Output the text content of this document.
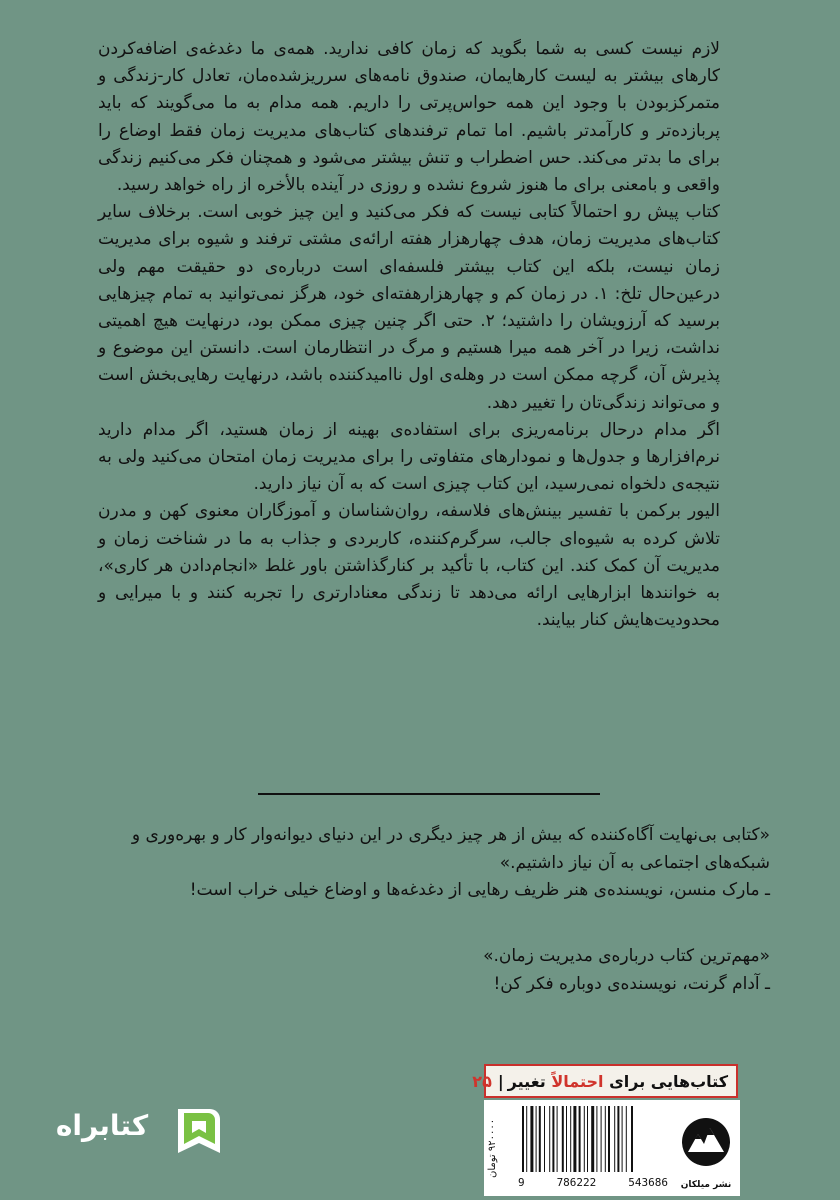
لازم نیست کسی به شما بگوید که زمان کافی ندارید. همه‌ی ما دغدغه‌ی اضافه‌کردن کارهای بیشتر به لیست کارهایمان، صندوق نامه‌های سرریزشده‌مان، تعادل کار-زندگی و متمرکزبودن با وجود این همه حواس‌پرتی را داریم. همه مدام به ما می‌گویند که باید پربازده‌تر و کارآمدتر باشیم. اما تمام ترفندهای کتاب‌های مدیریت زمان فقط اوضاع را برای ما بدتر می‌کند. حس اضطراب و تنش بیشتر می‌شود و همچنان فکر می‌کنیم زندگی واقعی و بامعنی برای ما هنوز شروع نشده و روزی در آینده بالأخره از راه خواهد رسید.

کتاب پیش رو احتمالاً کتابی نیست که فکر می‌کنید و این چیز خوبی است. برخلاف سایر کتاب‌های مدیریت زمان، هدف چهارهزار هفته ارائه‌ی مشتی ترفند و شیوه برای مدیریت زمان نیست، بلکه این کتاب بیشتر فلسفه‌ای است درباره‌ی دو حقیقت مهم ولی درعین‌حال تلخ: ۱. در زمان کم و چهارهزارهفته‌ای خود، هرگز نمی‌توانید به تمام چیزهایی برسید که آرزویشان را داشتید؛ ۲. حتی اگر چنین چیزی ممکن بود، درنهایت هیچ اهمیتی نداشت، زیرا در آخر همه میرا هستیم و مرگ در انتظارمان است. دانستن این موضوع و پذیرش آن، گرچه ممکن است در وهله‌ی اول ناامیدکننده باشد، درنهایت رهایی‌بخش است و می‌تواند زندگی‌تان را تغییر دهد.

اگر مدام درحال برنامه‌ریزی برای استفاده‌ی بهینه از زمان هستید، اگر مدام دارید نرم‌افزارها و جدول‌ها و نمودارهای متفاوتی را برای مدیریت زمان امتحان می‌کنید ولی به نتیجه‌ی دلخواه نمی‌رسید، این کتاب چیزی است که به آن نیاز دارید.

الیور برکمن با تفسیر بینش‌های فلاسفه، روان‌شناسان و آموزگاران معنوی کهن و مدرن تلاش کرده به شیوه‌ای جالب، سرگرم‌کننده، کاربردی و جذاب به ما در شناخت زمان و مدیریت آن کمک کند. این کتاب، با تأکید بر کنارگذاشتن باور غلط «انجام‌دادن هر کاری»، به خوانندها ابزارهایی ارائه می‌دهد تا زندگی معنادارتری را تجربه کنند و با میرایی و محدودیت‌هایش کنار بیایند.

«کتابی بی‌نهایت آگاه‌کننده که بیش از هر چیز دیگری در این دنیای دیوانه‌وار کار و بهره‌وری و شبکه‌های اجتماعی به آن نیاز داشتیم.»

ـ مارک منسن، نویسنده‌ی هنر ظریف رهایی از دغدغه‌ها و اوضاع خیلی خراب است!

«مهم‌ترین کتاب درباره‌ی مدیریت زمان.»

ـ آدام گرنت، نویسنده‌ی دوباره فکر کن!

کتاب‌هایی برای

احتمالاً

تغییر
|
۲۵
۹۲۰۰۰۰ تومان
9	786222	543686	نشر میلکان
کتابراه
